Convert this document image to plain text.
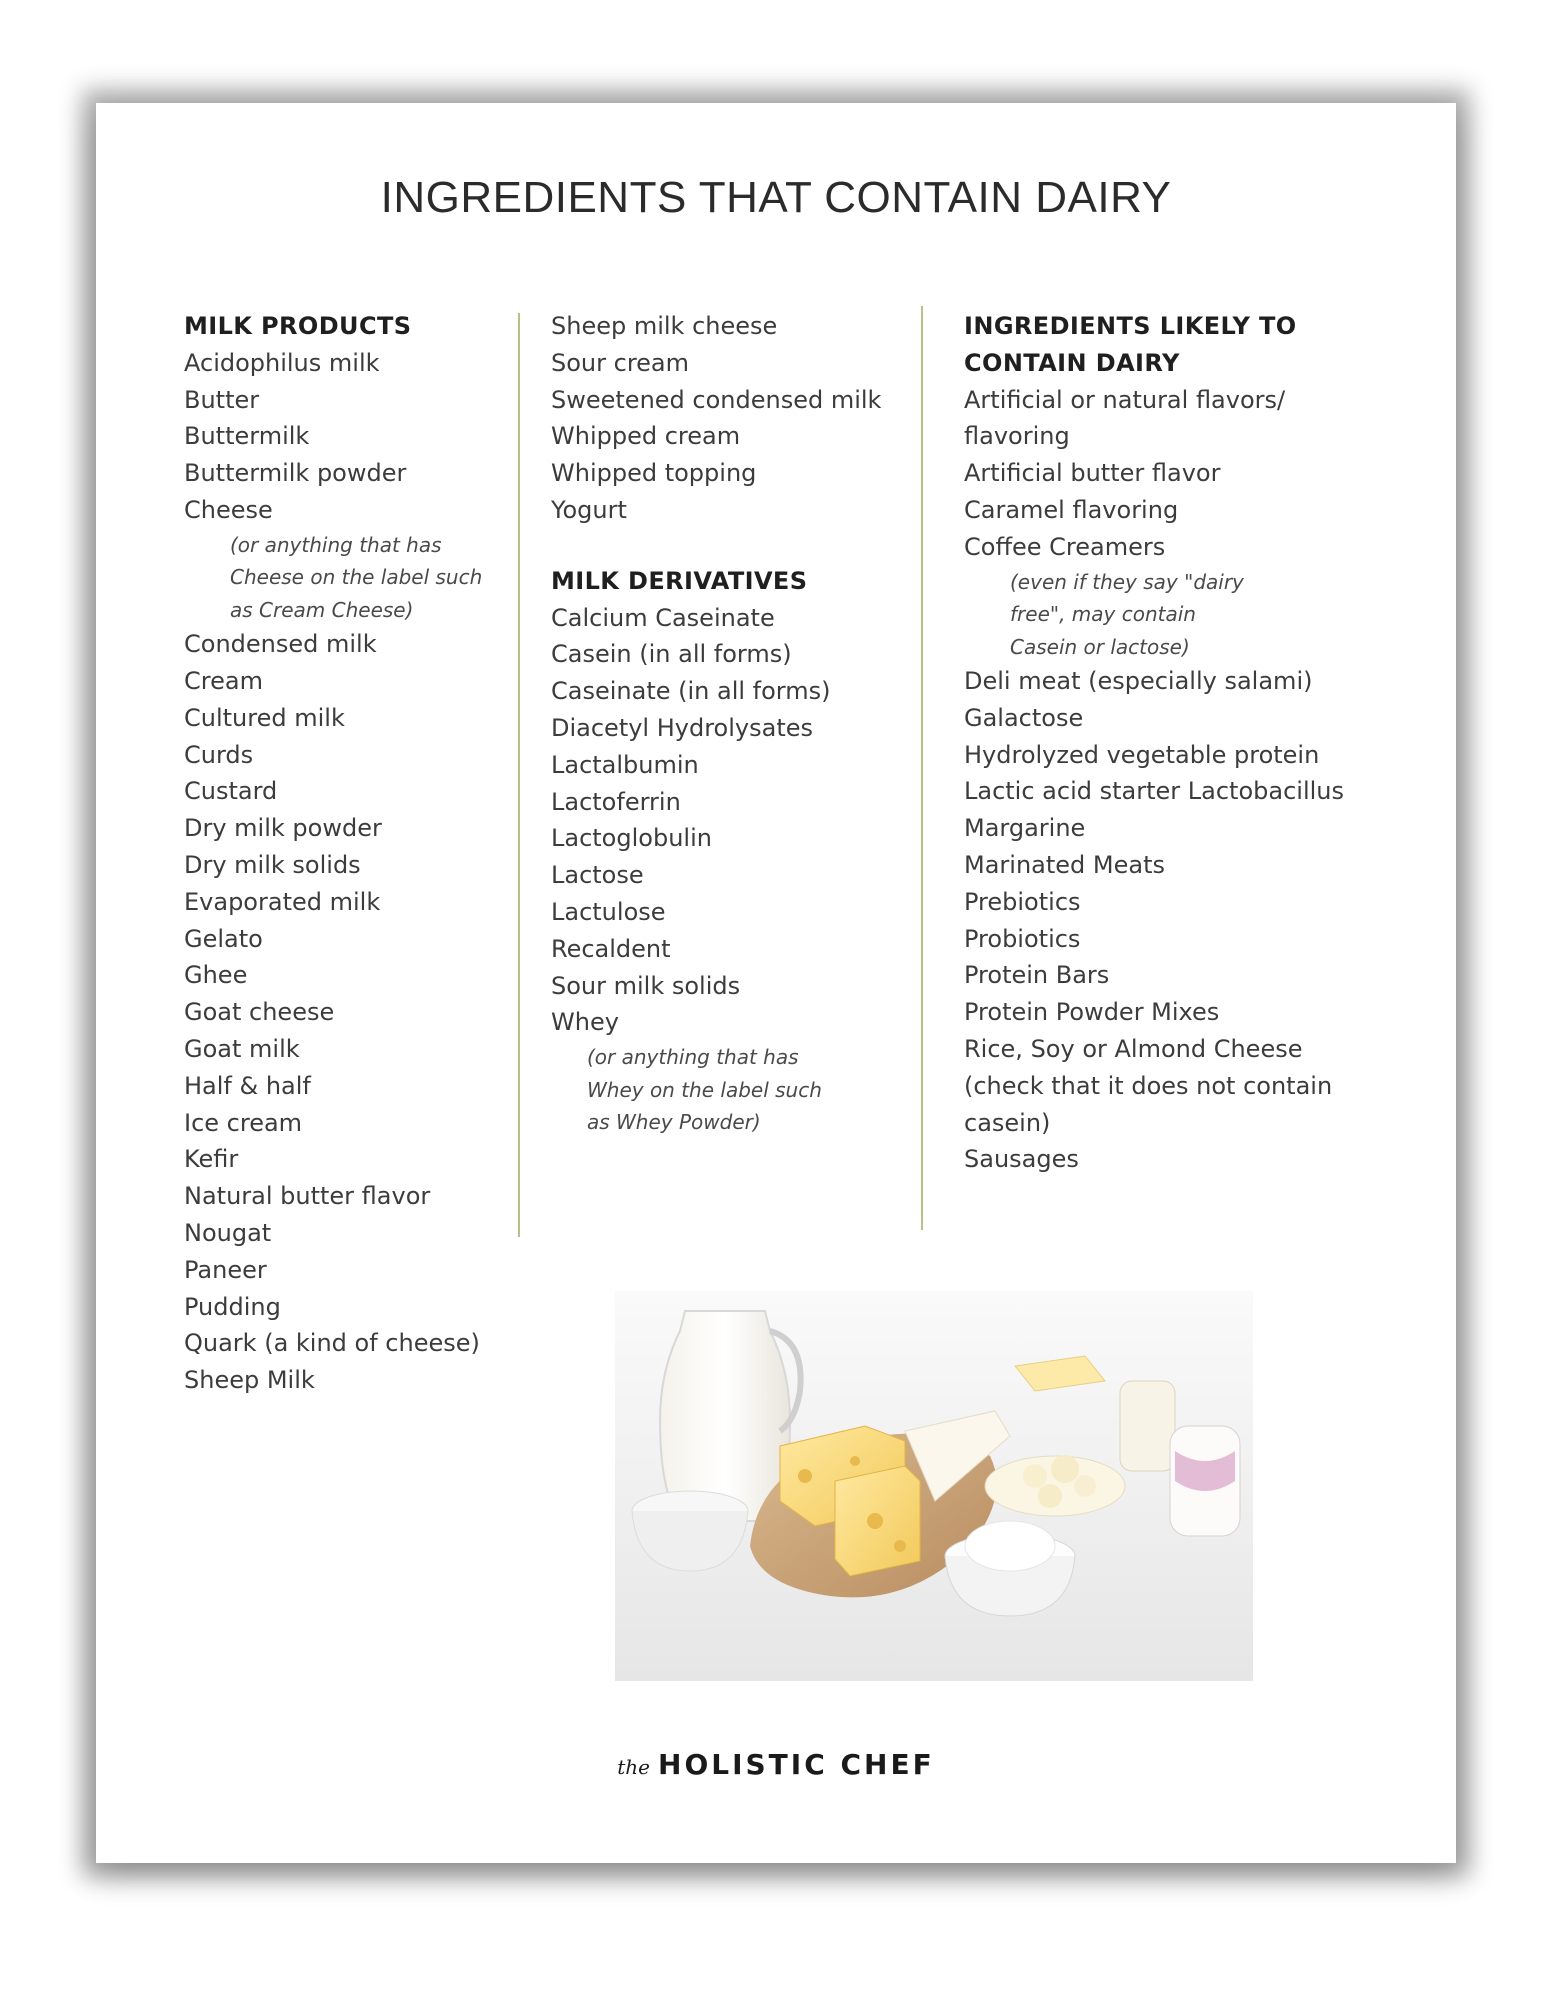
INGREDIENTS THAT CONTAIN DAIRY
MILK PRODUCTS
Acidophilus milk
Butter
Buttermilk
Buttermilk powder
Cheese
(or anything that has
Cheese on the label such
as Cream Cheese)
Condensed milk
Cream
Cultured milk
Curds
Custard
Dry milk powder
Dry milk solids
Evaporated milk
Gelato
Ghee
Goat cheese
Goat milk
Half & half
Ice cream
Kefir
Natural butter flavor
Nougat
Paneer
Pudding
Quark (a kind of cheese)
Sheep Milk
Sheep milk cheese
Sour cream
Sweetened condensed milk
Whipped cream
Whipped topping
Yogurt
MILK DERIVATIVES
Calcium Caseinate
Casein (in all forms)
Caseinate (in all forms)
Diacetyl Hydrolysates
Lactalbumin
Lactoferrin
Lactoglobulin
Lactose
Lactulose
Recaldent
Sour milk solids
Whey
(or anything that has
Whey on the label such
as Whey Powder)
INGREDIENTS LIKELY TO
CONTAIN DAIRY
Artificial or natural flavors/
flavoring
Artificial butter flavor
Caramel flavoring
Coffee Creamers
(even if they say "dairy
free", may contain
Casein or lactose)
Deli meat (especially salami)
Galactose
Hydrolyzed vegetable protein
Lactic acid starter Lactobacillus
Margarine
Marinated Meats
Prebiotics
Probiotics
Protein Bars
Protein Powder Mixes
Rice, Soy or Almond Cheese
(check that it does not contain
casein)
Sausages
the HOLISTIC CHEF
